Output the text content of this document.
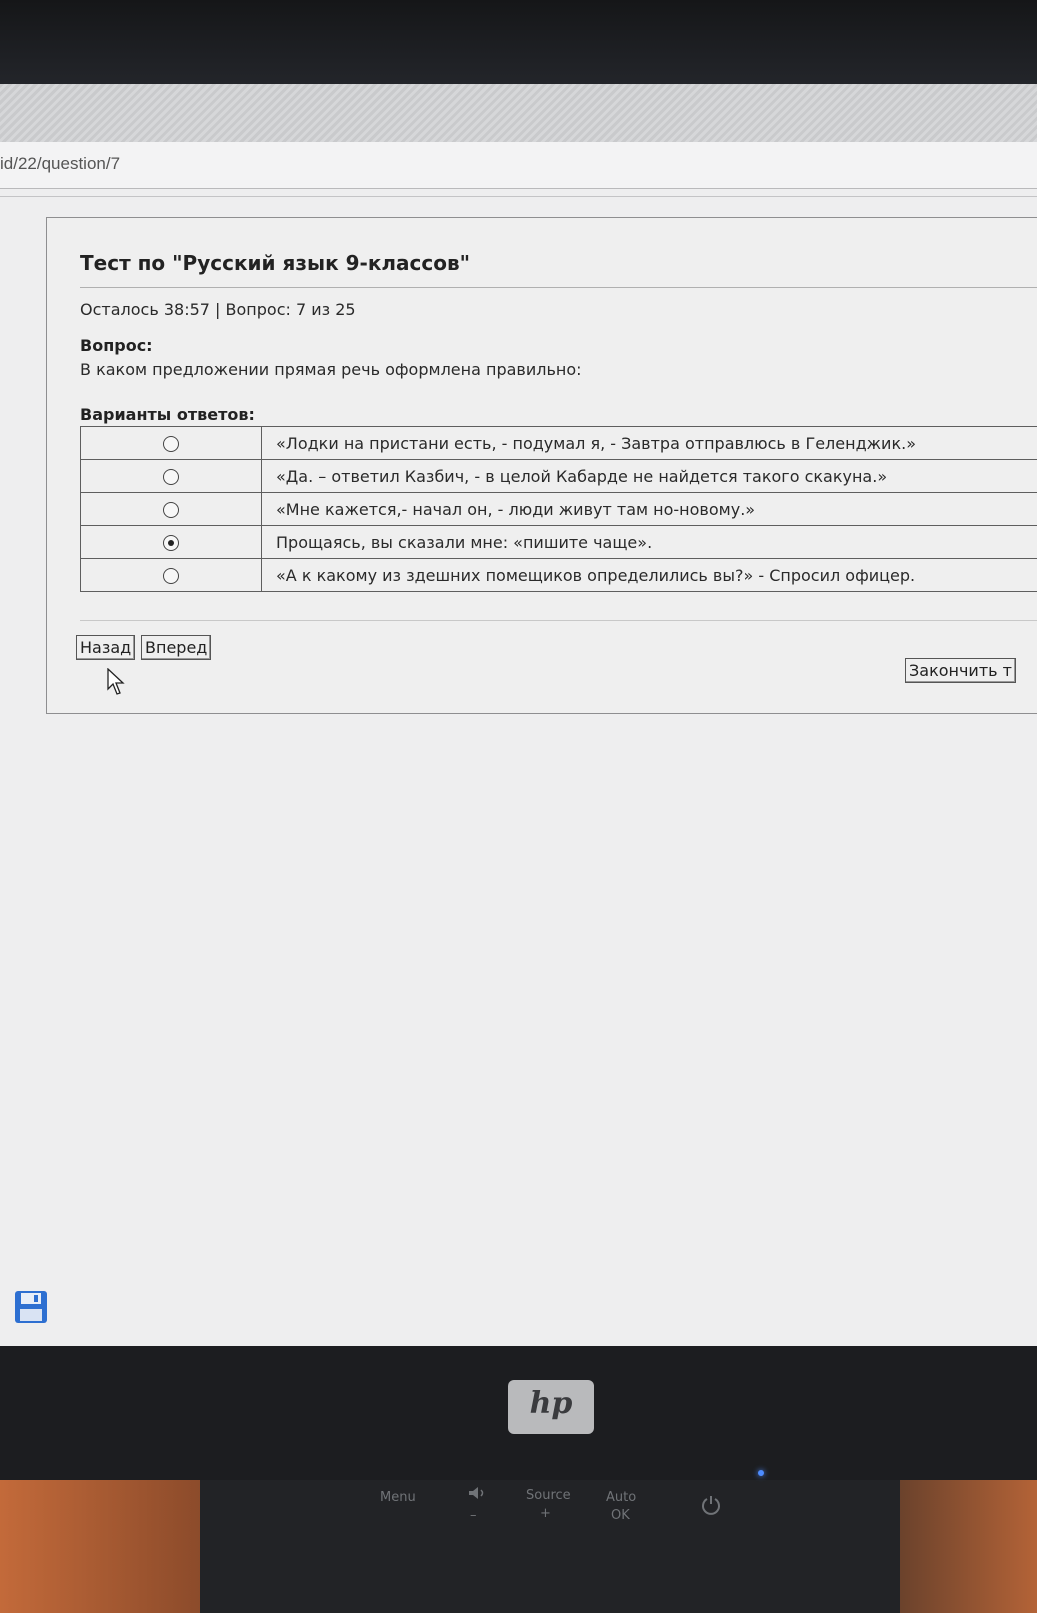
id/22/question/7
Тест по "Русский язык 9-классов"
Осталось 38:57 | Вопрос: 7 из 25
Вопрос:
В каком предложении прямая речь оформлена правильно:
Варианты ответов:
	«Лодки на пристани есть, - подумал я, - Завтра отправлюсь в Геленджик.»
	«Да. – ответил Казбич, - в целой Кабарде не найдется такого скакуна.»
	«Мне кажется,- начал он, - люди живут там но-новому.»
	Прощаясь, вы сказали мне: «пишите чаще».
	«А к какому из здешних помещиков определились вы?» - Спросил офицер.
Назад Вперед
Закончить т
hp
Menu
–
Source
+
Auto
OK
